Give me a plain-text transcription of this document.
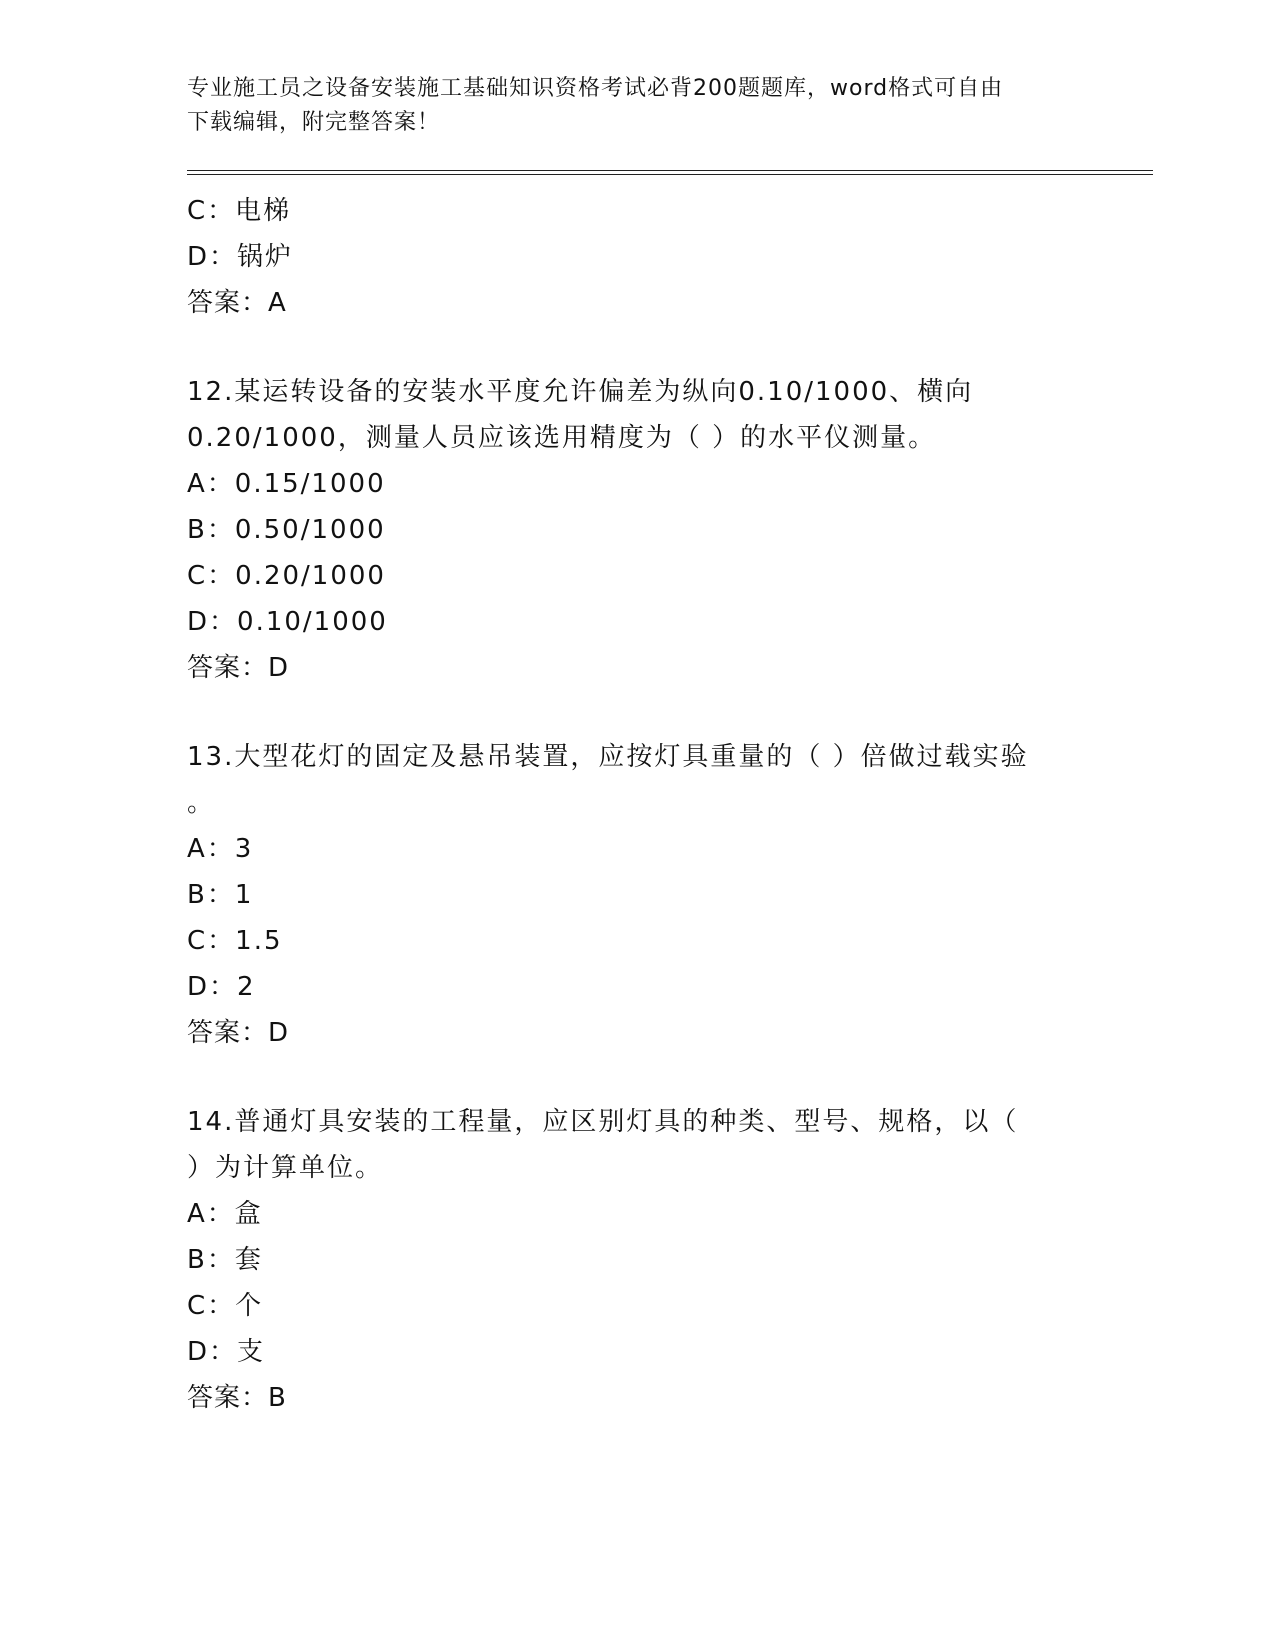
专业施工员之设备安装施工基础知识资格考试必背200题题库，word格式可自由
下载编辑，附完整答案！
C：电梯
D：锅炉
答案：A
12.某运转设备的安装水平度允许偏差为纵向0.10/1000、横向
0.20/1000，测量人员应该选用精度为（ ）的水平仪测量。
A：0.15/1000
B：0.50/1000
C：0.20/1000
D：0.10/1000
答案：D
13.大型花灯的固定及悬吊装置，应按灯具重量的（ ）倍做过载实验
。
A：3
B：1
C：1.5
D：2
答案：D
14.普通灯具安装的工程量，应区别灯具的种类、型号、规格，以（
）为计算单位。
A：盒
B：套
C：个
D：支
答案：B
